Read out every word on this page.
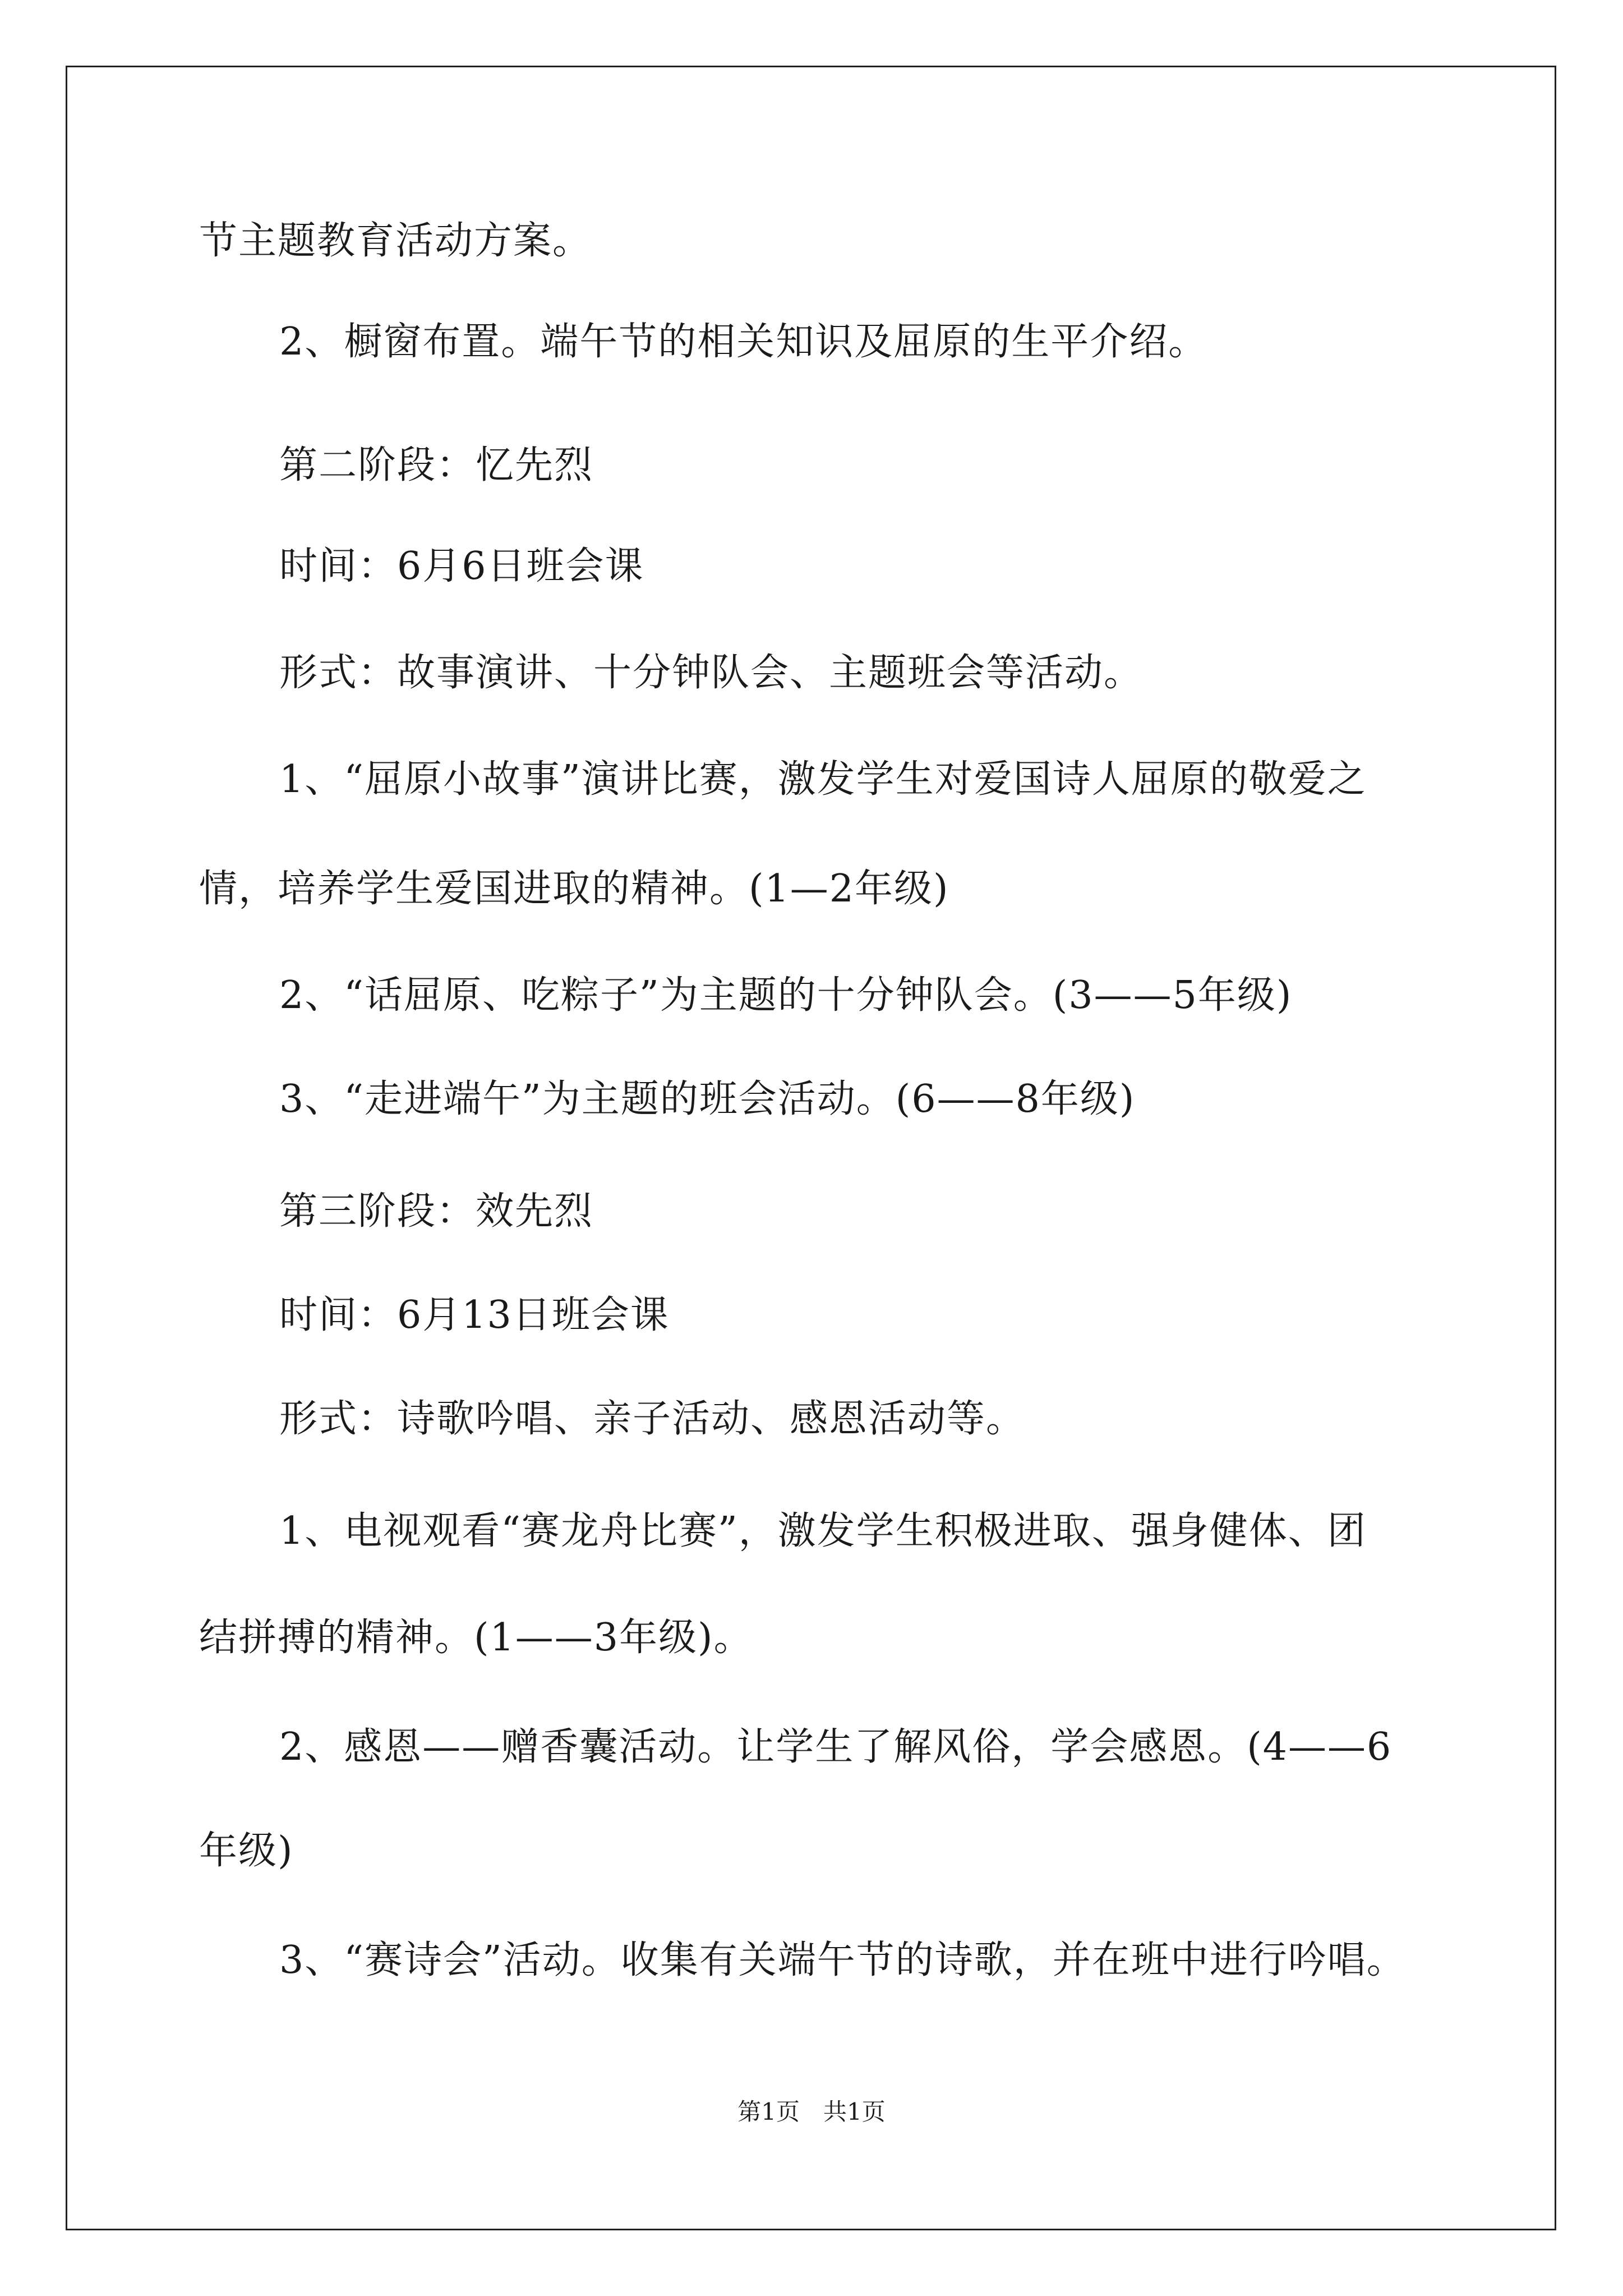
节主题教育活动方案。
2、橱窗布置。端午节的相关知识及屈原的生平介绍。
第二阶段：忆先烈
时间：6月6日班会课
形式：故事演讲、十分钟队会、主题班会等活动。
1、“屈原小故事”演讲比赛，激发学生对爱国诗人屈原的敬爱之
情，培养学生爱国进取的精神。(1—2年级)
2、“话屈原、吃粽子”为主题的十分钟队会。(3——5年级)
3、“走进端午”为主题的班会活动。(6——8年级)
第三阶段：效先烈
时间：6月13日班会课
形式：诗歌吟唱、亲子活动、感恩活动等。
1、电视观看“赛龙舟比赛”，激发学生积极进取、强身健体、团
结拼搏的精神。(1——3年级)。
2、感恩——赠香囊活动。让学生了解风俗，学会感恩。(4——6
年级)
3、“赛诗会”活动。收集有关端午节的诗歌，并在班中进行吟唱。
第1页　共1页
